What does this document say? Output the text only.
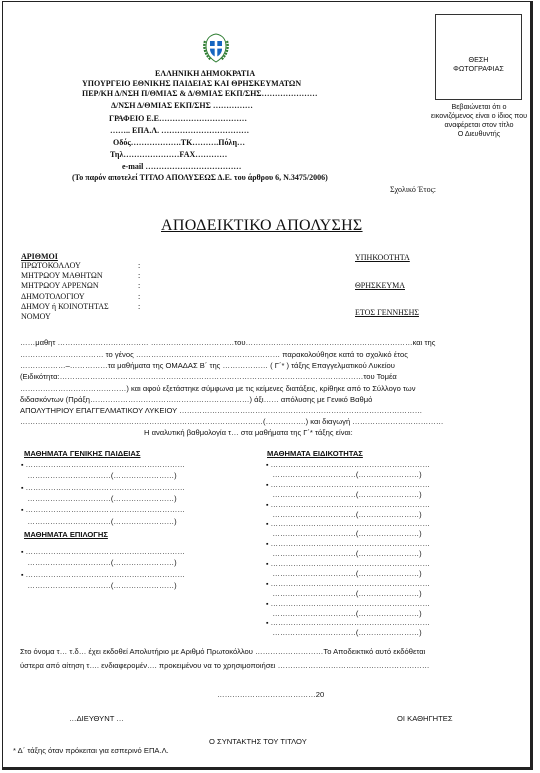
ΘΕΣΗ
ΦΩΤΟΓΡΑΦΙΑΣ
Βεβαιώνεται ότι ο
εικονιζόμενος είναι ο ίδιος που
αναφέρεται στον τίτλο
Ο Διευθυντής
ΕΛΛΗΝΙΚΗ ΔΗΜΟΚΡΑΤΙΑ
ΥΠΟΥΡΓΕΙΟ ΕΘΝΙΚΗΣ ΠΑΙΔΕΙΑΣ ΚΑΙ ΘΡΗΣΚΕΥΜΑΤΩΝ
ΠΕΡ/ΚΗ Δ/ΝΣΗ Π/ΘΜΙΑΣ & Δ/ΘΜΙΑΣ ΕΚΠ/ΣΗΣ…………………
Δ/ΝΣΗ Δ/ΘΜΙΑΣ ΕΚΠ/ΣΗΣ ……………
ΓΡΑΦΕΙΟ Ε.Ε……………………………
…….. ΕΠΑ.Λ. ……………………………
Οδός……………….ΤΚ……….Πόλη…
Τηλ…………………FAX…………
e-mail ………………………………
(Το παρόν αποτελεί ΤΙΤΛΟ ΑΠΟΛΥΣΕΩΣ Δ.Ε. του άρθρου 6, Ν.3475/2006)
Σχολικό Έτος:
ΑΠΟΔΕΙΚΤΙΚΟ ΑΠΟΛΥΣΗΣ
ΑΡΙΘΜΟΙ
ΠΡΩΤΟΚΟΛΛΟΥ
ΜΗΤΡΩΟΥ ΜΑΘΗΤΩΝ
ΜΗΤΡΩΟΥ ΑΡΡΕΝΩΝ
ΔΗΜΟΤΟΛΟΓΙΟΥ
ΔΗΜΟΥ ή ΚΟΙΝΟΤΗΤΑΣ
ΝΟΜΟΥ
:
:
:
:
:
ΥΠΗΚΟΟΤΗΤΑ
ΘΡΗΣΚΕΥΜΑ
ΕΤΟΣ ΓΕΝΝΗΣΗΣ
……μαθητ ……………………………… ……………………………του…………………………………………………………και της
…………………………… το γένος ………………………………………………… παρακολούθησε κατά το σχολικό έτος
………………–……………τα μαθήματα της ΟΜΑΔΑΣ Β΄ της ……………… ( Γ΄* ) τάξης Επαγγελματικού Λυκείου
(Ειδικότητα:…………………………………………………………………………………………………………του Τομέα
……………………………………) και αφού εξετάστηκε σύμφωνα με τις κείμενες διατάξεις, κρίθηκε από το Σύλλογο των
διδασκόντων (Πράξη………………………………………………………) άξι…… απόλυσης με Γενικό Βαθμό
ΑΠΟΛΥΤΗΡΙΟΥ ΕΠΑΓΓΕΛΜΑΤΙΚΟΥ ΛΥΚΕΙΟΥ ……………………………………………………………………………………
……………………………………………………………………………………(…………….) και διαγωγή ………………………………
Η αναλυτική βαθμολογία τ… στα μαθήματα της Γ΄* τάξης είναι:
ΜΑΘΗΜΑΤΑ ΓΕΝΙΚΗΣ ΠΑΙΔΕΙΑΣ
▪ ………………………………………………………
……………………………(……………………)
▪ ………………………………………………………
……………………………(……………………)
▪ ………………………………………………………
……………………………(……………………)
ΜΑΘΗΜΑΤΑ ΕΠΙΛΟΓΗΣ
▪ ………………………………………………………
……………………………(……………………)
▪ ………………………………………………………
……………………………(……………………)
ΜΑΘΗΜΑΤΑ ΕΙΔΙΚΟΤΗΤΑΣ
▪ ………………………………………………………
……………………………(……………………)
▪ ………………………………………………………
……………………………(……………………)
▪ ………………………………………………………
……………………………(……………………)
▪ ………………………………………………………
……………………………(……………………)
▪ ………………………………………………………
……………………………(……………………)
▪ ………………………………………………………
……………………………(……………………)
▪ ………………………………………………………
……………………………(……………………)
▪ ………………………………………………………
……………………………(……………………)
▪ ………………………………………………………
……………………………(……………………)
Στο όνομα τ… τ.δ… έχει εκδοθεί Απολυτήριο με Αριθμό Πρωτοκόλλου ………………………Το Αποδεικτικό αυτό εκδόθεται
ύστερα από αίτηση τ…. ενδιαφερομέν…. προκειμένου να το χρησιμοποιήσει ……………………………………………………
…………………………………20
…ΔΙΕΥΘΥΝΤ …	ΟΙ ΚΑΘΗΓΗΤΕΣ
Ο ΣΥΝΤΑΚΤΗΣ ΤΟΥ ΤΙΤΛΟΥ
* Δ΄ τάξης όταν πρόκειται για εσπερινό ΕΠΑ.Λ.
